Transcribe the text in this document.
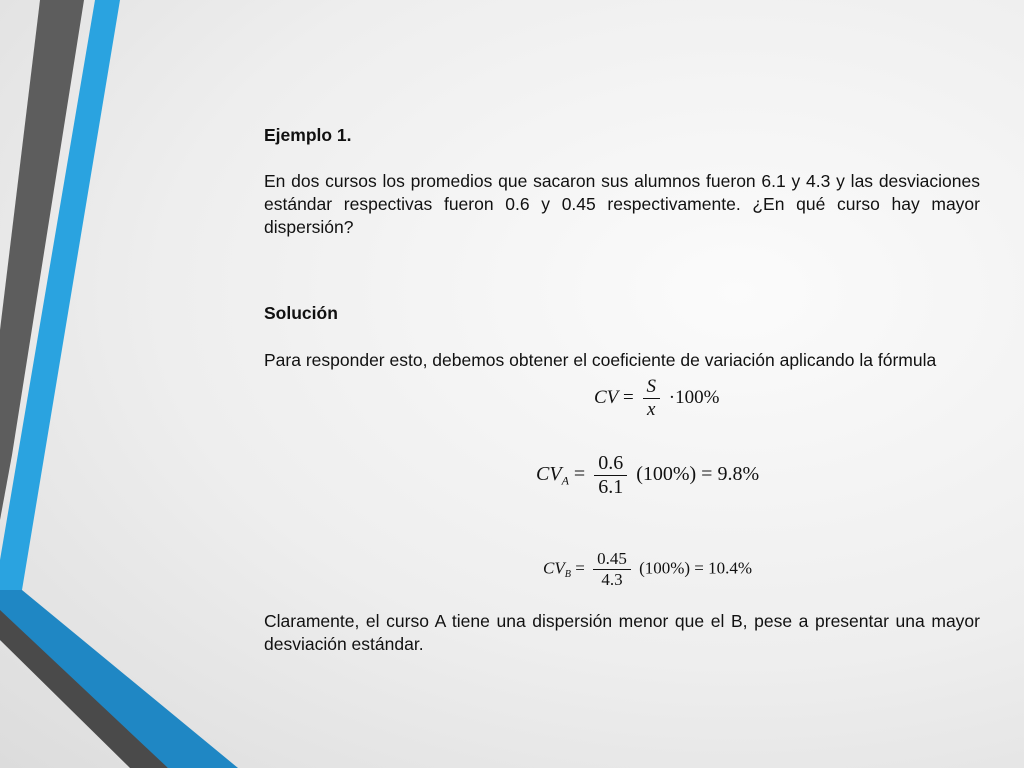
Ejemplo 1.
En dos cursos los promedios que sacaron sus alumnos fueron 6.1 y 4.3 y las desviaciones estándar respectivas fueron 0.6 y 0.45 respectivamente. ¿En qué curso hay mayor dispersión?
Solución
Para responder esto, debemos obtener el coeficiente de variación aplicando la fórmula
CV = $\frac{S}{x} \cdot 100\%$
$CV_A = \frac{0.6}{6.1} (100\%) = 9.8\%$
$CV_B = \frac{0.45}{4.3} (100\%) = 10.4\%$
Claramente, el curso A tiene una dispersión menor que el B, pese a presentar una mayor desviación estándar.
